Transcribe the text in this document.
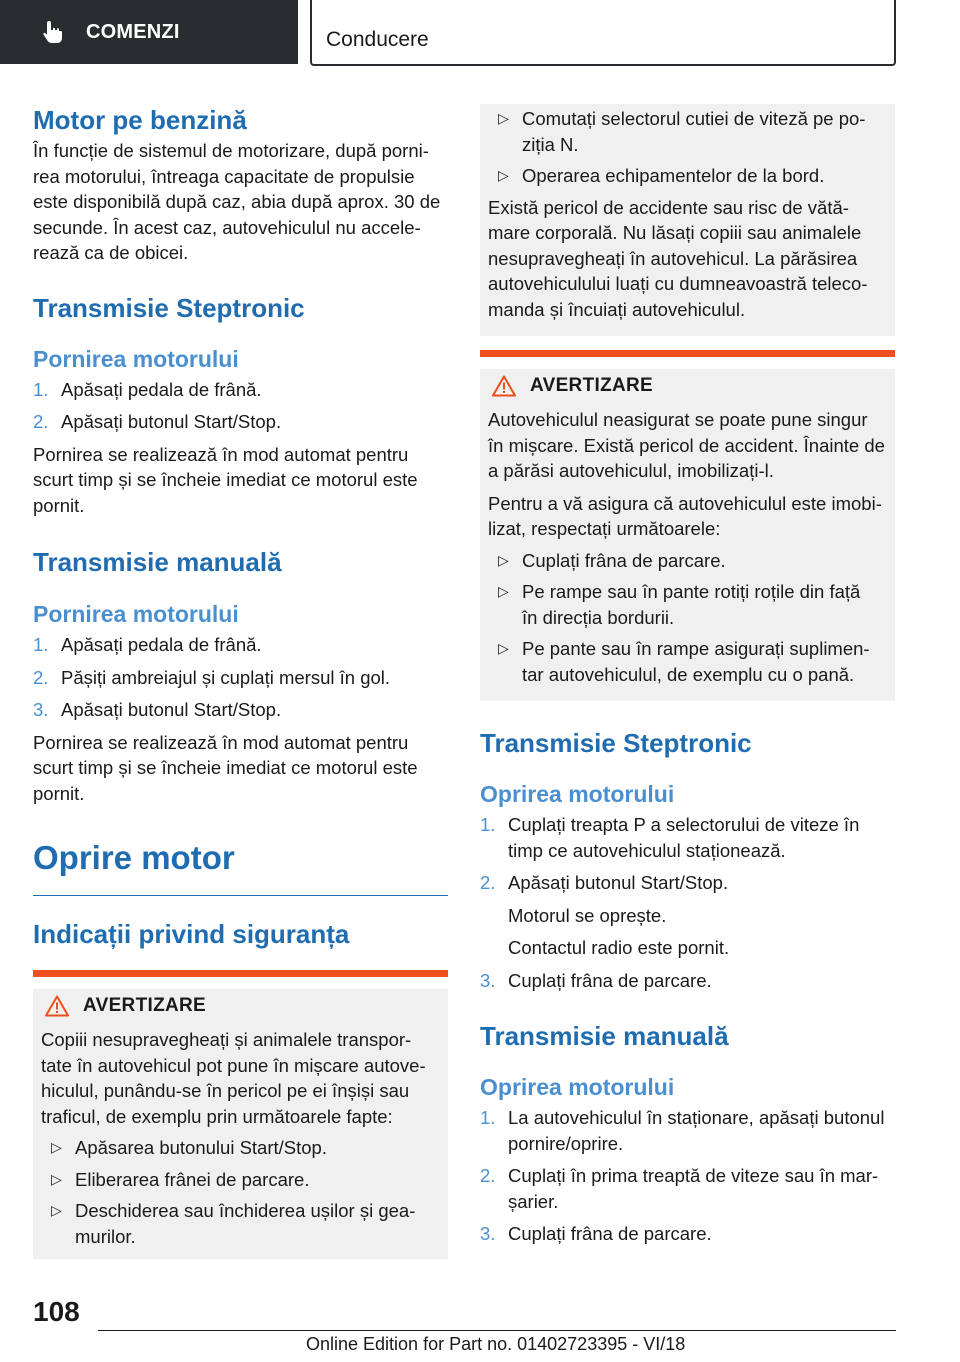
COMENZI	Conducere
Motor pe benzină
În funcție de sistemul de motorizare, după porni-
rea motorului, întreaga capacitate de propulsie
este disponibilă după caz, abia după aprox. 30 de
secunde. În acest caz, autovehiculul nu accele-
rează ca de obicei.
Transmisie Steptronic
Pornirea motorului
1. Apăsați pedala de frână.
2. Apăsați butonul Start/Stop.
Pornirea se realizează în mod automat pentru
scurt timp și se încheie imediat ce motorul este
pornit.
Transmisie manuală
Pornirea motorului
1. Apăsați pedala de frână.
2. Pășiți ambreiajul și cuplați mersul în gol.
3. Apăsați butonul Start/Stop.
Pornirea se realizează în mod automat pentru
scurt timp și se încheie imediat ce motorul este
pornit.
Oprire motor
Indicații privind siguranța
AVERTIZARE

Copiii nesupravegheați și animalele transpor-
tate în autovehicul pot pune în mișcare autove-
hiculul, punându-se în pericol pe ei înșiși sau
traficul, de exemplu prin următoarele fapte:

▷ Apăsarea butonului Start/Stop.
▷ Eliberarea frânei de parcare.
▷ Deschiderea sau închiderea ușilor și gea-
murilor.
▷ Comutați selectorul cutiei de viteză pe po-
ziția N.
▷ Operarea echipamentelor de la bord.

Există pericol de accidente sau risc de vătă-
mare corporală. Nu lăsați copiii sau animalele
nesupravegheați în autovehicul. La părăsirea
autovehiculului luați cu dumneavoastră teleco-
manda și încuiați autovehiculul.

AVERTIZARE

Autovehiculul neasigurat se poate pune singur
în mișcare. Există pericol de accident. Înainte de
a părăsi autovehiculul, imobilizați-l.

Pentru a vă asigura că autovehiculul este imobi-
lizat, respectați următoarele:

▷ Cuplați frâna de parcare.
▷ Pe rampe sau în pante rotiți roțile din față
în direcția bordurii.
▷ Pe pante sau în rampe asigurați suplimen-
tar autovehiculul, de exemplu cu o pană.
Transmisie Steptronic
Oprirea motorului
1. Cuplați treapta P a selectorului de viteze în
timp ce autovehiculul staționează.
2. Apăsați butonul Start/Stop.
Motorul se oprește.
Contactul radio este pornit.
3. Cuplați frâna de parcare.
Transmisie manuală
Oprirea motorului
1. La autovehiculul în staționare, apăsați butonul
pornire/oprire.
2. Cuplați în prima treaptă de viteze sau în mar-
șarier.
3. Cuplați frâna de parcare.
108
Online Edition for Part no. 01402723395 - VI/18
